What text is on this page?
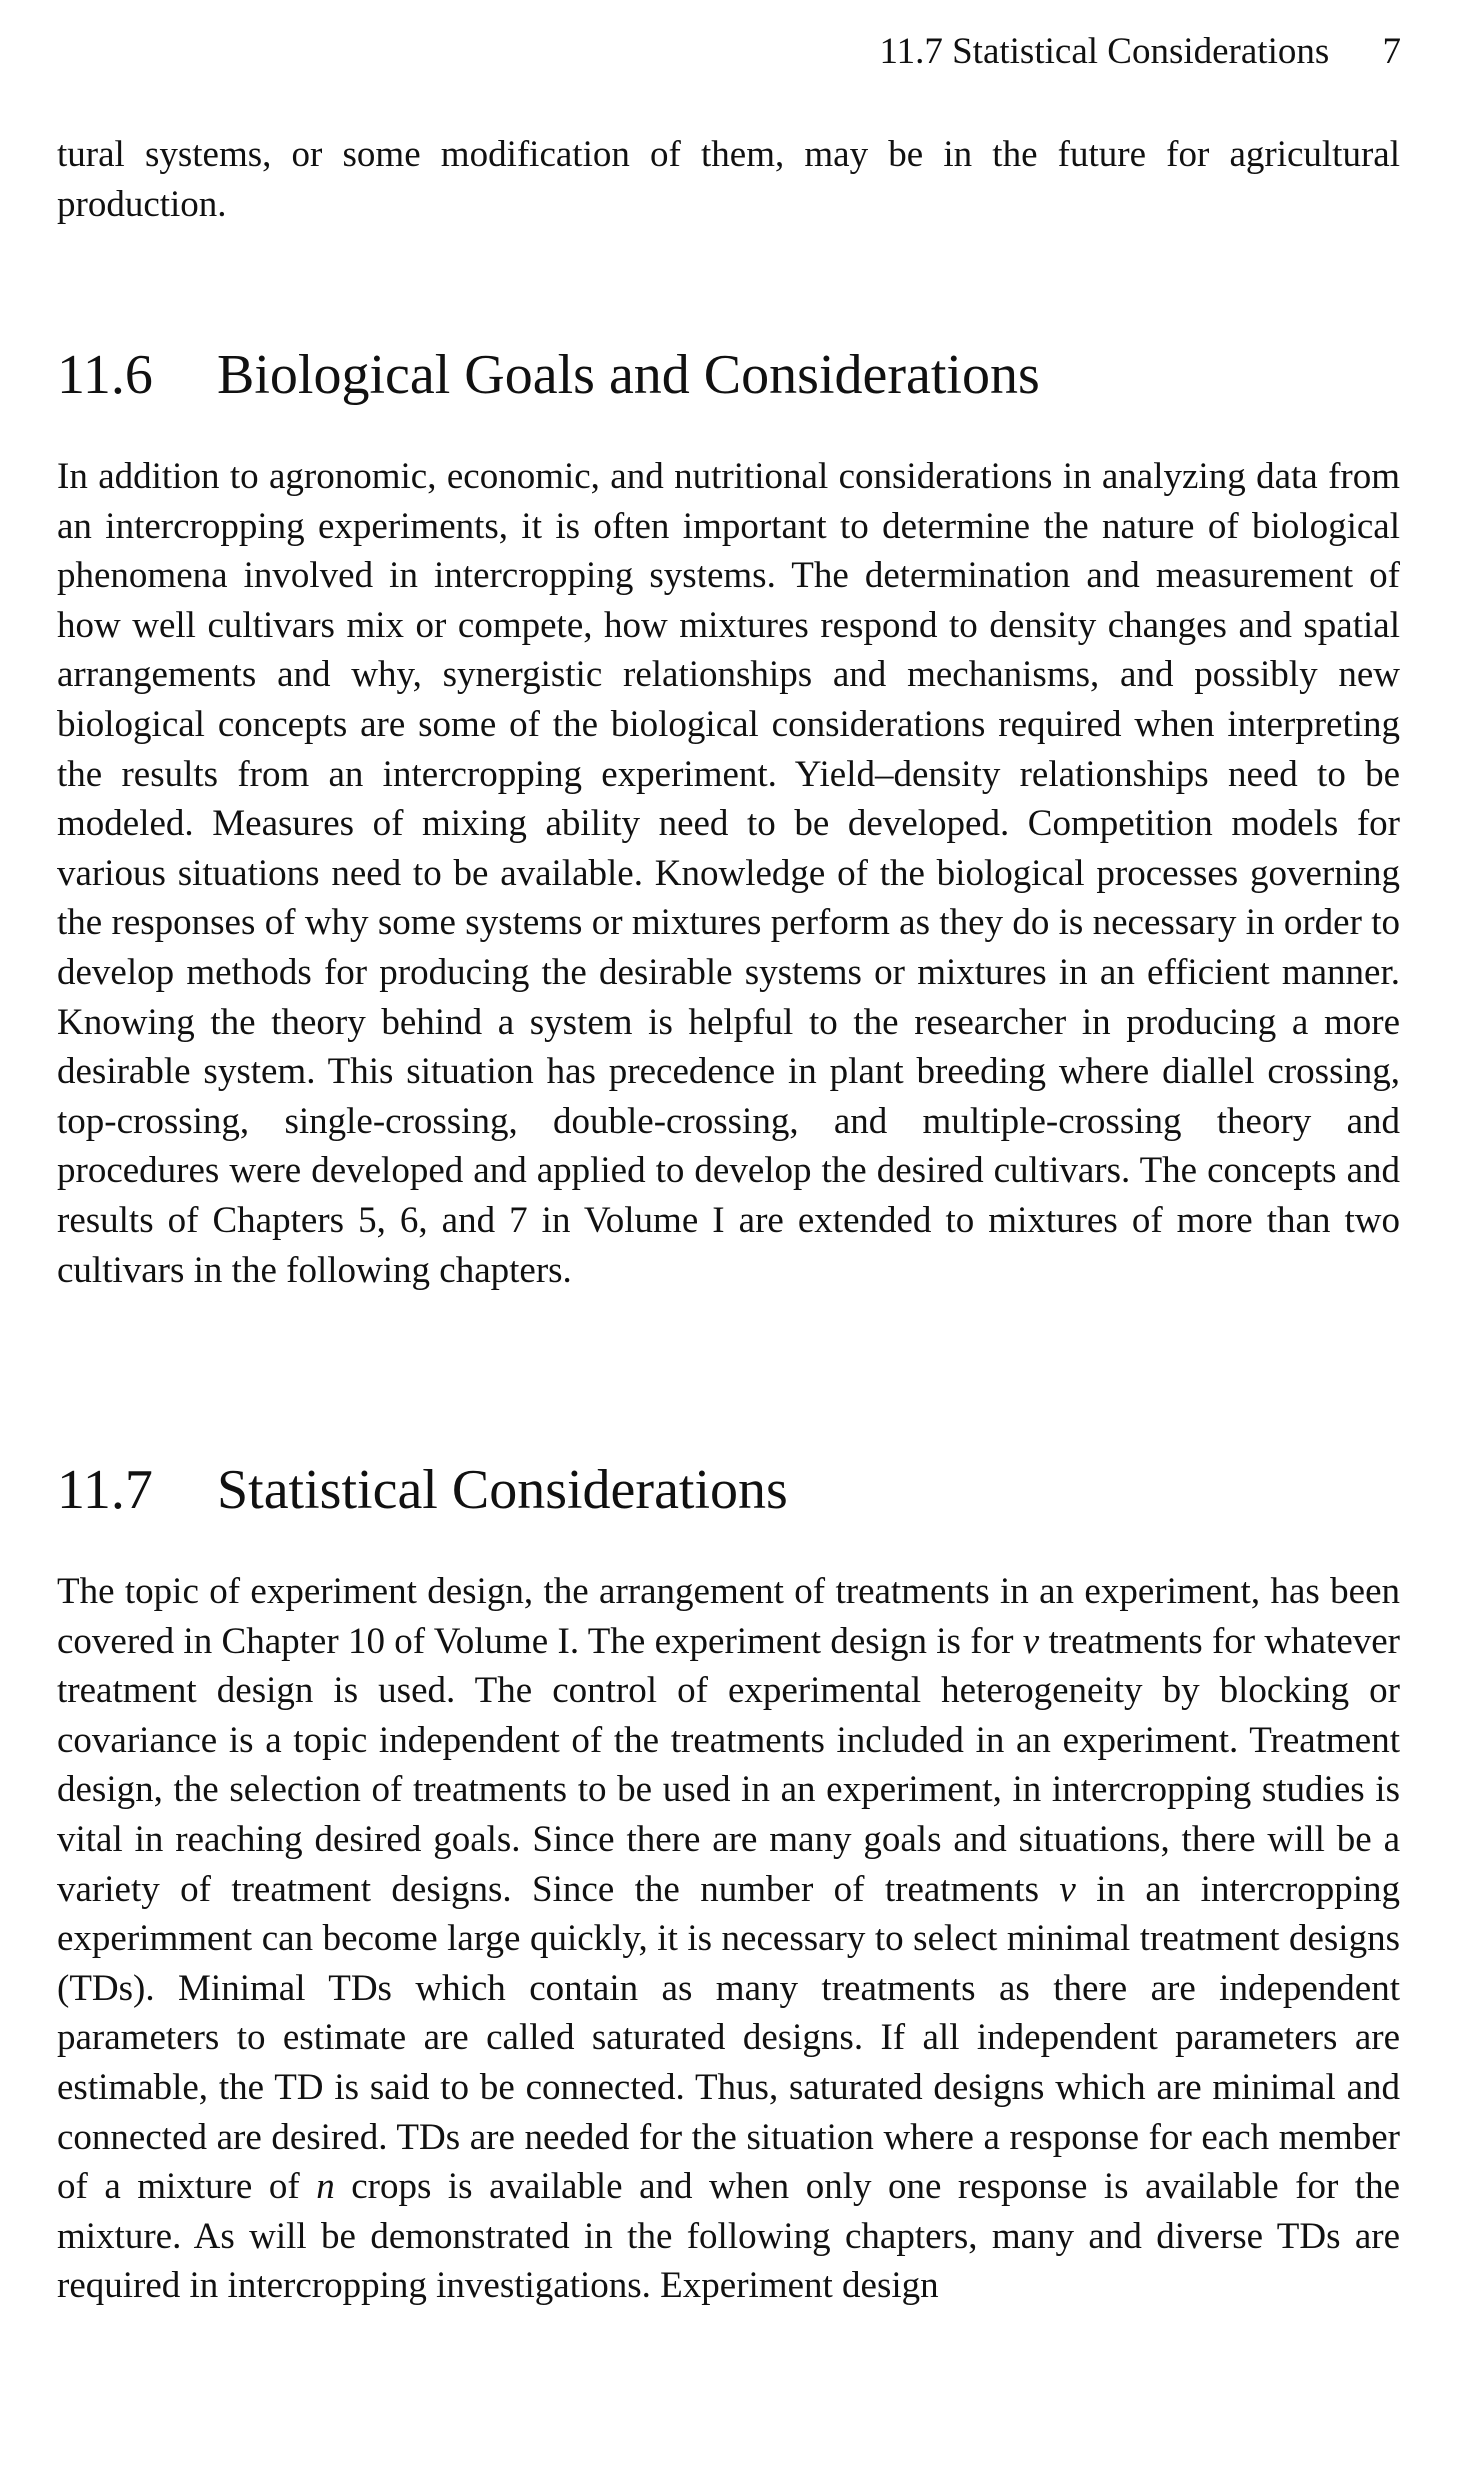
11.7 Statistical Considerations 7

tural systems, or some modification of them, may be in the future for agricultural production.

11.6 Biological Goals and Considerations

In addition to agronomic, economic, and nutritional considerations in analyzing data from an intercropping experiments, it is often important to determine the nature of biological phenomena involved in intercropping systems. The determination and measurement of how well cultivars mix or compete, how mixtures respond to density changes and spatial arrangements and why, synergistic relationships and mechanisms, and possibly new biological concepts are some of the biological considerations required when interpreting the results from an intercropping experiment. Yield–density relationships need to be modeled. Measures of mixing ability need to be developed. Competition models for various situations need to be available. Knowledge of the biological processes governing the responses of why some systems or mixtures perform as they do is necessary in order to develop methods for producing the desirable systems or mixtures in an efficient manner. Knowing the theory behind a system is helpful to the researcher in producing a more desirable system. This situation has precedence in plant breeding where diallel crossing, top-crossing, single-crossing, double-crossing, and multiple-crossing theory and procedures were developed and applied to develop the desired cultivars. The concepts and results of Chapters 5, 6, and 7 in Volume I are extended to mixtures of more than two cultivars in the following chapters.

11.7 Statistical Considerations

The topic of experiment design, the arrangement of treatments in an experiment, has been covered in Chapter 10 of Volume I. The experiment design is for v treatments for whatever treatment design is used. The control of experimental heterogeneity by blocking or covariance is a topic independent of the treatments included in an experiment. Treatment design, the selection of treatments to be used in an experiment, in intercropping studies is vital in reaching desired goals. Since there are many goals and situations, there will be a variety of treatment designs. Since the number of treatments v in an intercropping experimment can become large quickly, it is necessary to select minimal treatment designs (TDs). Minimal TDs which contain as many treatments as there are independent parameters to estimate are called saturated designs. If all independent parameters are estimable, the TD is said to be connected. Thus, saturated designs which are minimal and connected are desired. TDs are needed for the situation where a response for each member of a mixture of n crops is available and when only one response is available for the mixture. As will be demonstrated in the following chapters, many and diverse TDs are required in intercropping investigations. Experiment design
